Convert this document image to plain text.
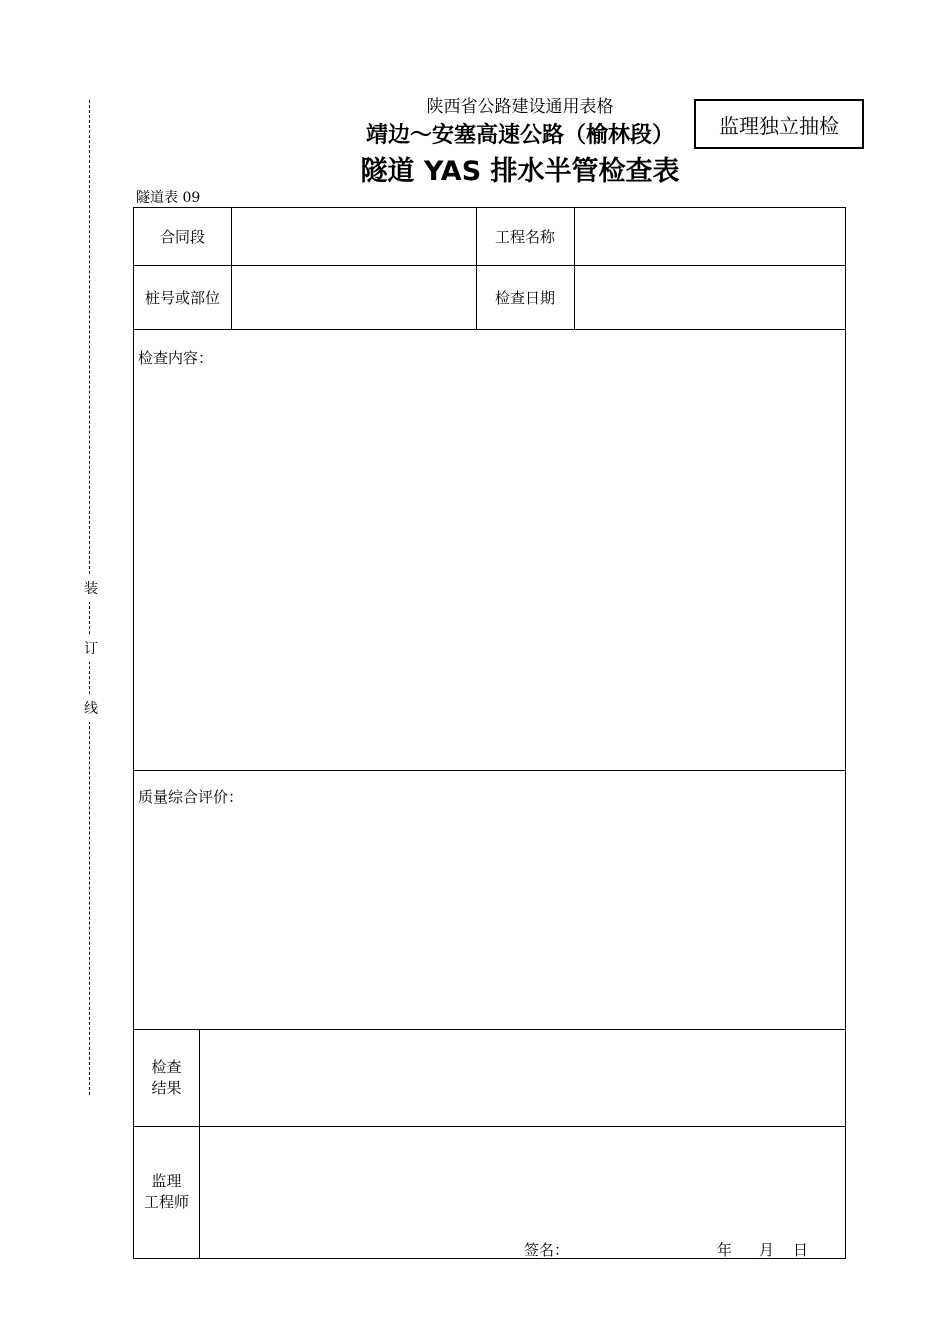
装
订
线
陕西省公路建设通用表格
靖边～安塞高速公路（榆林段）
隧道 YAS 排水半管检查表
监理独立抽检
隧道表 09
合同段	工程名称
桩号或部位	检查日期
检查内容：
质量综合评价：
检查
结果
监理
工程师
签名：	年 月 日
